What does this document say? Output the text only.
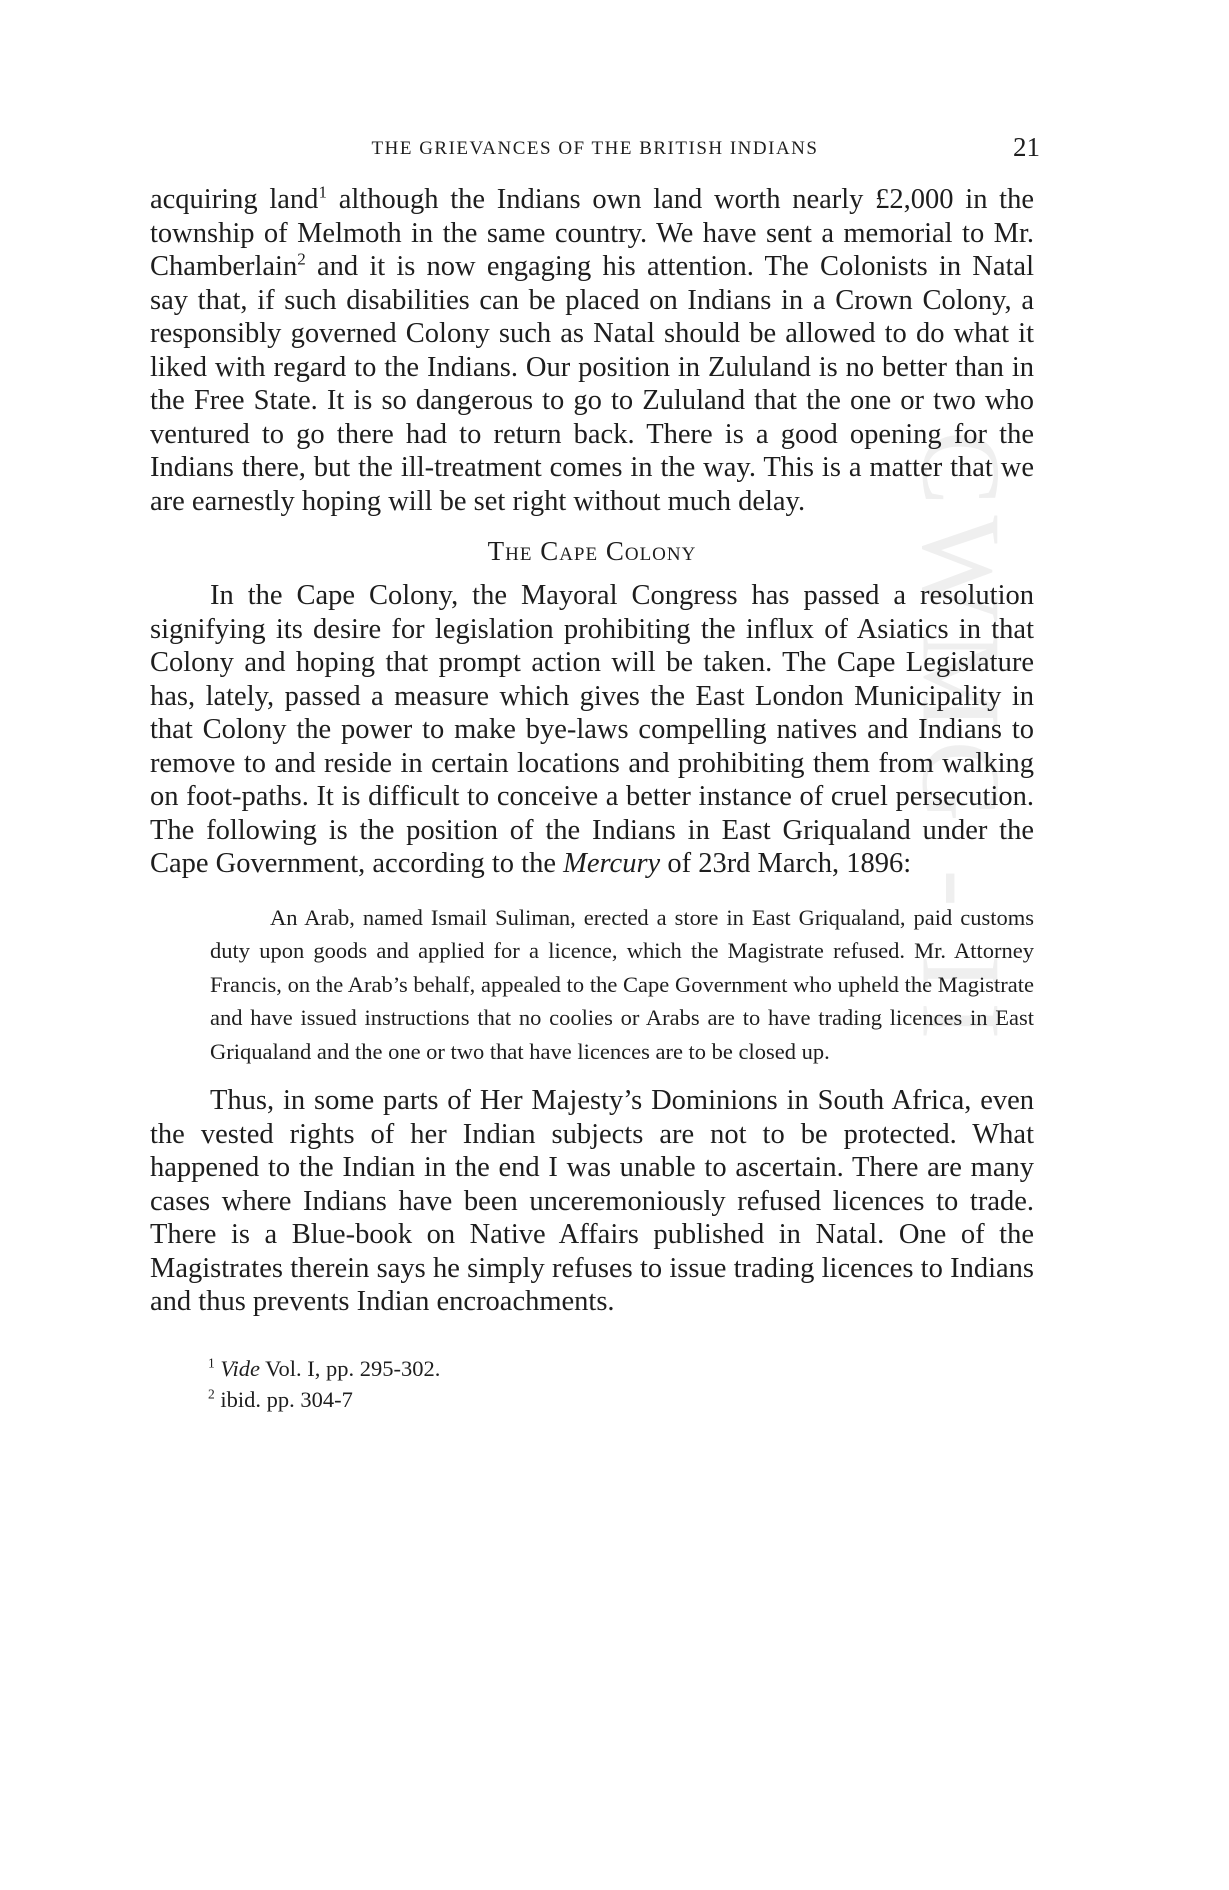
CWMG - II
THE GRIEVANCES OF THE BRITISH INDIANS	21

acquiring land$^1$ although the Indians own land worth nearly £2,000 in the township of Melmoth in the same country. We have sent a memorial to Mr. Chamberlain$^2$ and it is now engaging his attention. The Colonists in Natal say that, if such disabilities can be placed on Indians in a Crown Colony, a responsibly governed Colony such as Natal should be allowed to do what it liked with regard to the Indians. Our position in Zululand is no better than in the Free State. It is so dangerous to go to Zululand that the one or two who ventured to go there had to return back. There is a good opening for the Indians there, but the ill-treatment comes in the way. This is a matter that we are earnestly hoping will be set right without much delay.

The Cape Colony

In the Cape Colony, the Mayoral Congress has passed a resolution signifying its desire for legislation prohibiting the influx of Asiatics in that Colony and hoping that prompt action will be taken. The Cape Legislature has, lately, passed a measure which gives the East London Municipality in that Colony the power to make bye-laws compelling natives and Indians to remove to and reside in certain locations and prohibiting them from walking on foot-paths. It is difficult to conceive a better instance of cruel persecution. The following is the position of the Indians in East Griqualand under the Cape Government, according to the Mercury of 23rd March, 1896:

An Arab, named Ismail Suliman, erected a store in East Griqualand, paid customs duty upon goods and applied for a licence, which the Magistrate refused. Mr. Attorney Francis, on the Arab’s behalf, appealed to the Cape Government who upheld the Magistrate and have issued instructions that no coolies or Arabs are to have trading licences in East Griqualand and the one or two that have licences are to be closed up.

Thus, in some parts of Her Majesty’s Dominions in South Africa, even the vested rights of her Indian subjects are not to be protected. What happened to the Indian in the end I was unable to ascertain. There are many cases where Indians have been unceremoniously refused licences to trade. There is a Blue-book on Native Affairs published in Natal. One of the Magistrates therein says he simply refuses to issue trading licences to Indians and thus prevents Indian encroachments.

$^1$ Vide Vol. I, pp. 295-302.
$^2$ ibid. pp. 304-7
